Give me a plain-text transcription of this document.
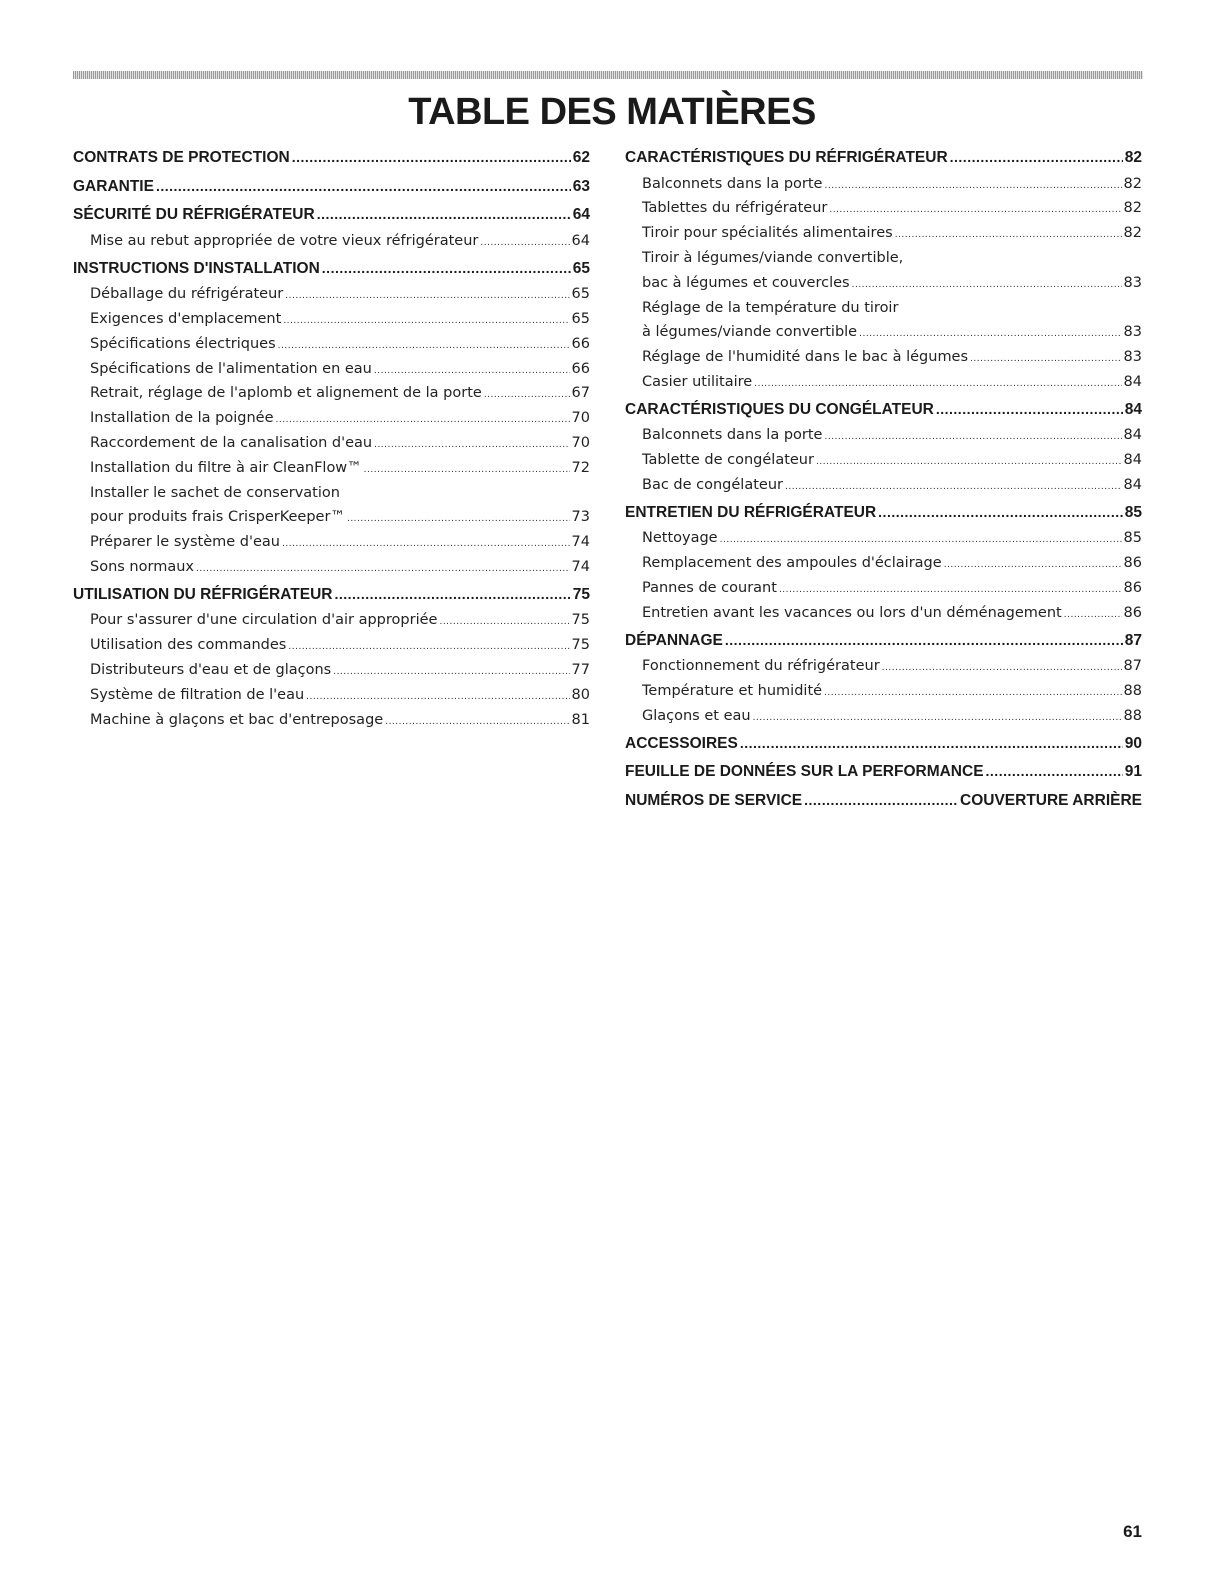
TABLE DES MATIÈRES
CONTRATS DE PROTECTION .....	62
GARANTIE .....	63
SÉCURITÉ DU RÉFRIGÉRATEUR .....	64
Mise au rebut appropriée de votre vieux réfrigérateur .....	64
INSTRUCTIONS D'INSTALLATION .....	65
Déballage du réfrigérateur .....	65
Exigences d'emplacement .....	65
Spécifications électriques .....	66
Spécifications de l'alimentation en eau .....	66
Retrait, réglage de l'aplomb et alignement de la porte .....	67
Installation de la poignée .....	70
Raccordement de la canalisation d'eau .....	70
Installation du filtre à air CleanFlow™ .....	72
Installer le sachet de conservation
pour produits frais CrisperKeeper™ .....	73
Préparer le système d'eau .....	74
Sons normaux .....	74
UTILISATION DU RÉFRIGÉRATEUR .....	75
Pour s'assurer d'une circulation d'air appropriée .....	75
Utilisation des commandes .....	75
Distributeurs d'eau et de glaçons .....	77
Système de filtration de l'eau .....	80
Machine à glaçons et bac d'entreposage .....	81
CARACTÉRISTIQUES DU RÉFRIGÉRATEUR .....	82
Balconnets dans la porte .....	82
Tablettes du réfrigérateur .....	82
Tiroir pour spécialités alimentaires .....	82
Tiroir à légumes/viande convertible,
bac à légumes et couvercles .....	83
Réglage de la température du tiroir
à légumes/viande convertible .....	83
Réglage de l'humidité dans le bac à légumes .....	83
Casier utilitaire .....	84
CARACTÉRISTIQUES DU CONGÉLATEUR .....	84
Balconnets dans la porte .....	84
Tablette de congélateur .....	84
Bac de congélateur .....	84
ENTRETIEN DU RÉFRIGÉRATEUR .....	85
Nettoyage .....	85
Remplacement des ampoules d'éclairage .....	86
Pannes de courant .....	86
Entretien avant les vacances ou lors d'un déménagement .....	86
DÉPANNAGE .....	87
Fonctionnement du réfrigérateur .....	87
Température et humidité .....	88
Glaçons et eau .....	88
ACCESSOIRES .....	90
FEUILLE DE DONNÉES SUR LA PERFORMANCE .....	91
NUMÉROS DE SERVICE .....	COUVERTURE ARRIÈRE
61
